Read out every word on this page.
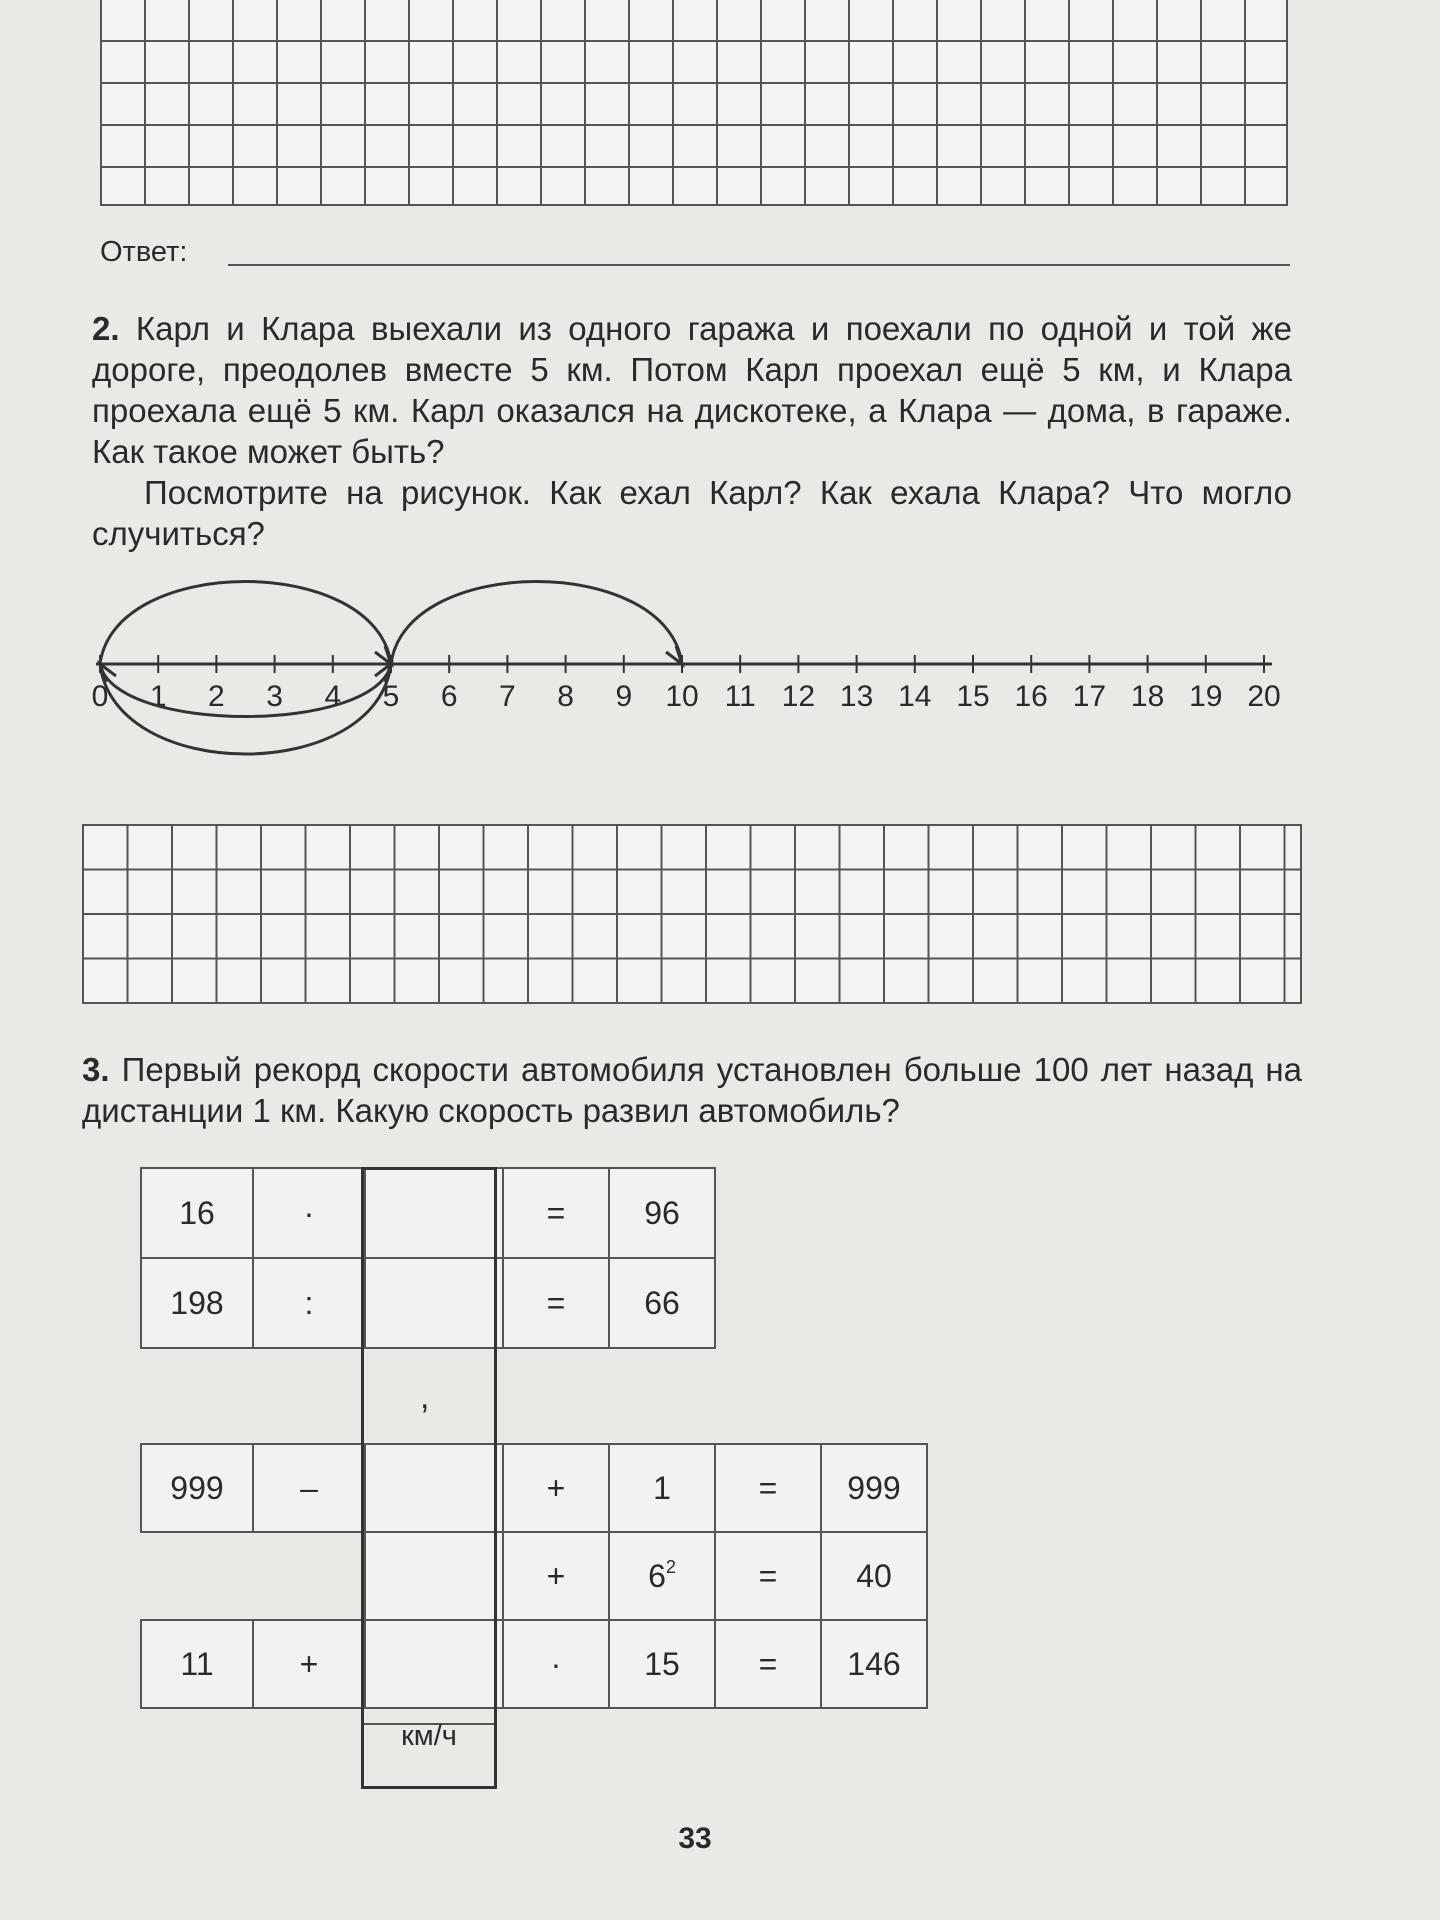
Ответ:
2. Карл и Клара выехали из одного гаража и поехали по одной и той же дороге, преодолев вместе 5 км. Потом Карл проехал ещё 5 км, и Клара проехала ещё 5 км. Карл оказался на дискотеке, а Клара — дома, в гараже. Как такое может быть?
Посмотрите на рисунок. Как ехал Карл? Как ехала Клара? Что могло случиться?
0 1 2 3 4 5 6 7 8 9 10 11 12 13 14 15 16 17 18 19 20
3. Первый рекорд скорости автомобиля установлен больше 100 лет назад на дистанции 1 км. Какую скорость развил автомобиль?
16	·		=	96
198	:		=	66
,
999	–		+	1	=	999
			+	$6^2$	=	40
11	+		·	15	=	146
км/ч
33
